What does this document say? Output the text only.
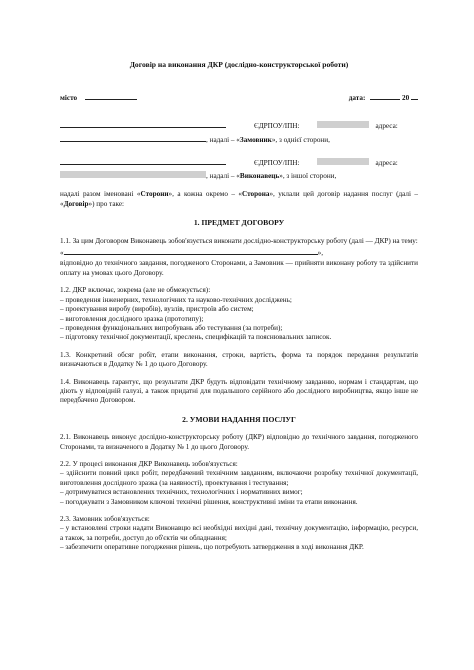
Договір на виконання ДКР (дослідно-конструкторської роботи)
місто	дата:	20
ЄДРПОУ/ІПН:	адреса:
, надалі – «Замовник», з однієї сторони,
ЄДРПОУ/ІПН:	адреса:
, надалі – «Виконавець», з іншої сторони,

надалі разом іменовані «Сторони», а кожна окремо – «Сторона», уклали цей договір надання послуг (далі – «Договір») про таке:

1. ПРЕДМЕТ ДОГОВОРУ

1.1. За цим Договором Виконавець зобов'язується виконати дослідно-конструкторську роботу (далі — ДКР) на тему:

«	»,

відповідно до технічного завдання, погодженого Сторонами, а Замовник — прийняти виконану роботу та здійснити оплату на умовах цього Договору.

1.2. ДКР включає, зокрема (але не обмежується):

– проведення інженерних, технологічних та науково-технічних досліджень;

– проектування виробу (виробів), вузлів, пристроїв або систем;

– виготовлення дослідного зразка (прототипу);

– проведення функціональних випробувань або тестування (за потреби);

– підготовку технічної документації, креслень, специфікацій та пояснювальних записок.

1.3. Конкретний обсяг робіт, етапи виконання, строки, вартість, форма та порядок передання результатів визначаються в Додатку № 1 до цього Договору.

1.4. Виконавець гарантує, що результати ДКР будуть відповідати технічному завданню, нормам і стандартам, що діють у відповідній галузі, а також придатні для подальшого серійного або дослідного виробництва, якщо інше не передбачено Договором.

2. УМОВИ НАДАННЯ ПОСЛУГ

2.1. Виконавець виконує дослідно-конструкторську роботу (ДКР) відповідно до технічного завдання, погодженого Сторонами, та визначеного в Додатку № 1 до цього Договору.

2.2. У процесі виконання ДКР Виконавець зобов'язується:

– здійснити повний цикл робіт, передбачений технічним завданням, включаючи розробку технічної документації, виготовлення дослідного зразка (за наявності), проектування і тестування;

– дотримуватися встановлених технічних, технологічних і нормативних вимог;

– погоджувати з Замовником ключові технічні рішення, конструктивні зміни та етапи виконання.

2.3. Замовник зобов'язується:

– у встановлені строки надати Виконавцю всі необхідні вихідні дані, технічну документацію, інформацію, ресурси, а також, за потреби, доступ до об'єктів чи обладнання;

– забезпечити оперативне погодження рішень, що потребують затвердження в ході виконання ДКР.
